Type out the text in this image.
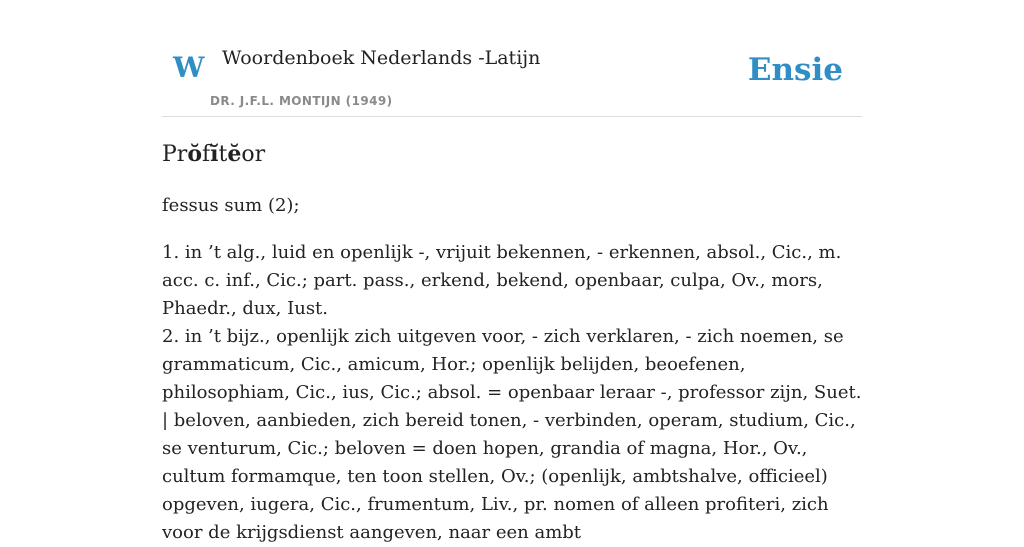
W Woordenboek Nederlands -Latijn
DR. J.F.L. MONTIJN (1949)
Ensie
Prŏfĭtĕor

fessus sum (2);

1. in ’t alg., luid en openlijk -, vrijuit bekennen, - erkennen, absol., Cic., m. acc. c. inf., Cic.; part. pass., erkend, bekend, openbaar, culpa, Ov., mors, Phaedr., dux, Iust.

2. in ’t bijz., openlijk zich uitgeven voor, - zich verklaren, - zich noemen, se grammaticum, Cic., amicum, Hor.; openlijk belijden, beoefenen, philosophiam, Cic., ius, Cic.; absol. = openbaar leraar -, professor zijn, Suet. | beloven, aanbieden, zich bereid tonen, - verbinden, operam, studium, Cic., se venturum, Cic.; beloven = doen hopen, grandia of magna, Hor., Ov., cultum formamque, ten toon stellen, Ov.; (openlijk, ambtshalve, officieel) opgeven, iugera, Cic., frumentum, Liv., pr. nomen of alleen profiteri, zich voor de krijgsdienst aangeven, naar een ambt
